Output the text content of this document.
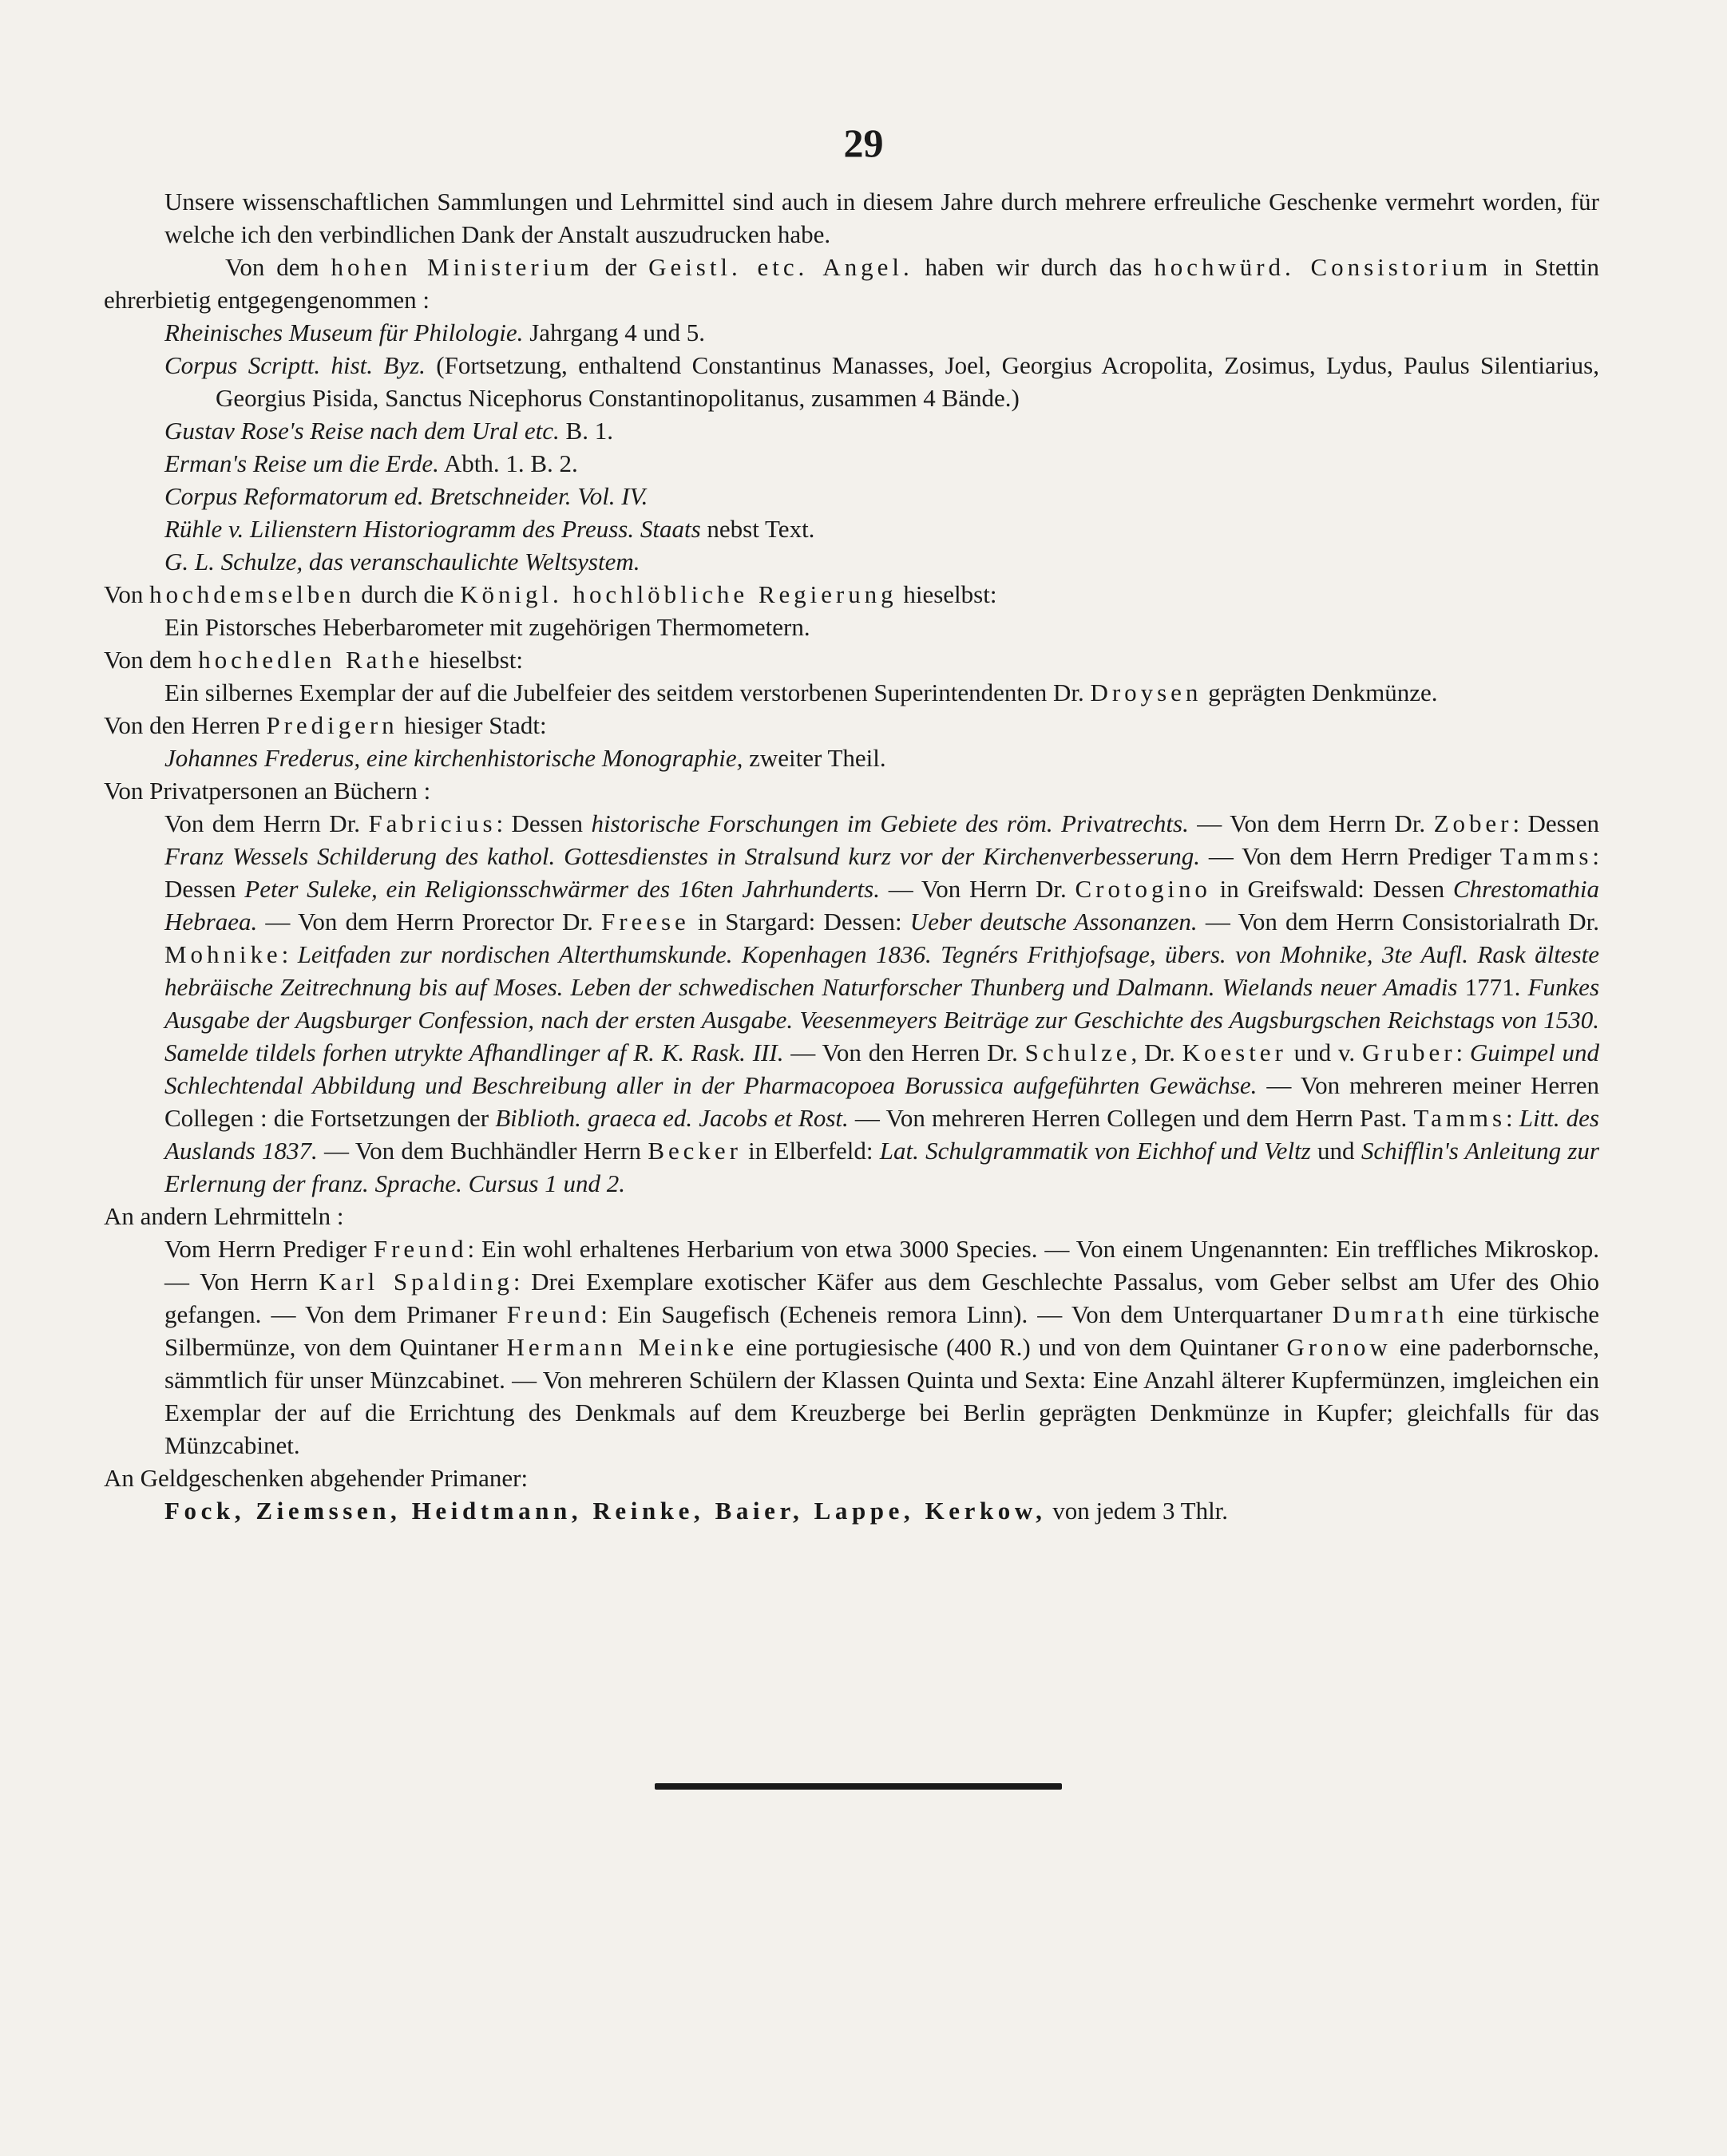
29

Unsere wissenschaftlichen Sammlungen und Lehrmittel sind auch in diesem Jahre durch mehrere erfreuliche Geschenke vermehrt worden, für welche ich den verbindlichen Dank der Anstalt auszudrucken habe.

Von dem hohen Ministerium der Geistl. etc. Angel. haben wir durch das hochwürd. Consistorium in Stettin ehrerbietig entgegengenommen :

Rheinisches Museum für Philologie. Jahrgang 4 und 5.

Corpus Scriptt. hist. Byz. (Fortsetzung, enthaltend Constantinus Manasses, Joel, Georgius Acropolita, Zosimus, Lydus, Paulus Silentiarius, Georgius Pisida, Sanctus Nicephorus Constantinopolitanus, zusammen 4 Bände.)

Gustav Rose's Reise nach dem Ural etc. B. 1.

Erman's Reise um die Erde. Abth. 1. B. 2.

Corpus Reformatorum ed. Bretschneider. Vol. IV.

Rühle v. Lilienstern Historiogramm des Preuss. Staats nebst Text.

G. L. Schulze, das veranschaulichte Weltsystem.

Von hochdemselben durch die Königl. hochlöbliche Regierung hieselbst:

Ein Pistorsches Heberbarometer mit zugehörigen Thermometern.

Von dem hochedlen Rathe hieselbst:

Ein silbernes Exemplar der auf die Jubelfeier des seitdem verstorbenen Superintendenten Dr. Droysen geprägten Denkmünze.

Von den Herren Predigern hiesiger Stadt:

Johannes Frederus, eine kirchenhistorische Monographie, zweiter Theil.

Von Privatpersonen an Büchern :

Von dem Herrn Dr. Fabricius: Dessen historische Forschungen im Gebiete des röm. Privatrechts. — Von dem Herrn Dr. Zober: Dessen Franz Wessels Schilderung des kathol. Gottesdienstes in Stralsund kurz vor der Kirchenverbesserung. — Von dem Herrn Prediger Tamms: Dessen Peter Suleke, ein Religionsschwärmer des 16ten Jahrhunderts. — Von Herrn Dr. Crotogino in Greifswald: Dessen Chrestomathia Hebraea. — Von dem Herrn Prorector Dr. Freese in Stargard: Dessen: Ueber deutsche Assonanzen. — Von dem Herrn Consistorialrath Dr. Mohnike: Leitfaden zur nordischen Alterthumskunde. Kopenhagen 1836. Tegnérs Frithjofsage, übers. von Mohnike, 3te Aufl. Rask älteste hebräische Zeitrechnung bis auf Moses. Leben der schwedischen Naturforscher Thunberg und Dalmann. Wielands neuer Amadis 1771. Funkes Ausgabe der Augsburger Confession, nach der ersten Ausgabe. Veesenmeyers Beiträge zur Geschichte des Augsburgschen Reichstags von 1530. Samelde tildels forhen utrykte Afhandlinger af R. K. Rask. III. — Von den Herren Dr. Schulze, Dr. Koester und v. Gruber: Guimpel und Schlechtendal Abbildung und Beschreibung aller in der Pharmacopoea Borussica aufgeführten Gewächse. — Von mehreren meiner Herren Collegen : die Fortsetzungen der Biblioth. graeca ed. Jacobs et Rost. — Von mehreren Herren Collegen und dem Herrn Past. Tamms: Litt. des Auslands 1837. — Von dem Buchhändler Herrn Becker in Elberfeld: Lat. Schulgrammatik von Eichhof und Veltz und Schifflin's Anleitung zur Erlernung der franz. Sprache. Cursus 1 und 2.

An andern Lehrmitteln :

Vom Herrn Prediger Freund: Ein wohl erhaltenes Herbarium von etwa 3000 Species. — Von einem Ungenannten: Ein treffliches Mikroskop. — Von Herrn Karl Spalding: Drei Exemplare exotischer Käfer aus dem Geschlechte Passalus, vom Geber selbst am Ufer des Ohio gefangen. — Von dem Primaner Freund: Ein Saugefisch (Echeneis remora Linn). — Von dem Unterquartaner Dumrath eine türkische Silbermünze, von dem Quintaner Hermann Meinke eine portugiesische (400 R.) und von dem Quintaner Gronow eine paderbornsche, sämmtlich für unser Münzcabinet. — Von mehreren Schülern der Klassen Quinta und Sexta: Eine Anzahl älterer Kupfermünzen, imgleichen ein Exemplar der auf die Errichtung des Denkmals auf dem Kreuzberge bei Berlin geprägten Denkmünze in Kupfer; gleichfalls für das Münzcabinet.

An Geldgeschenken abgehender Primaner:

Fock, Ziemssen, Heidtmann, Reinke, Baier, Lappe, Kerkow, von jedem 3 Thlr.
